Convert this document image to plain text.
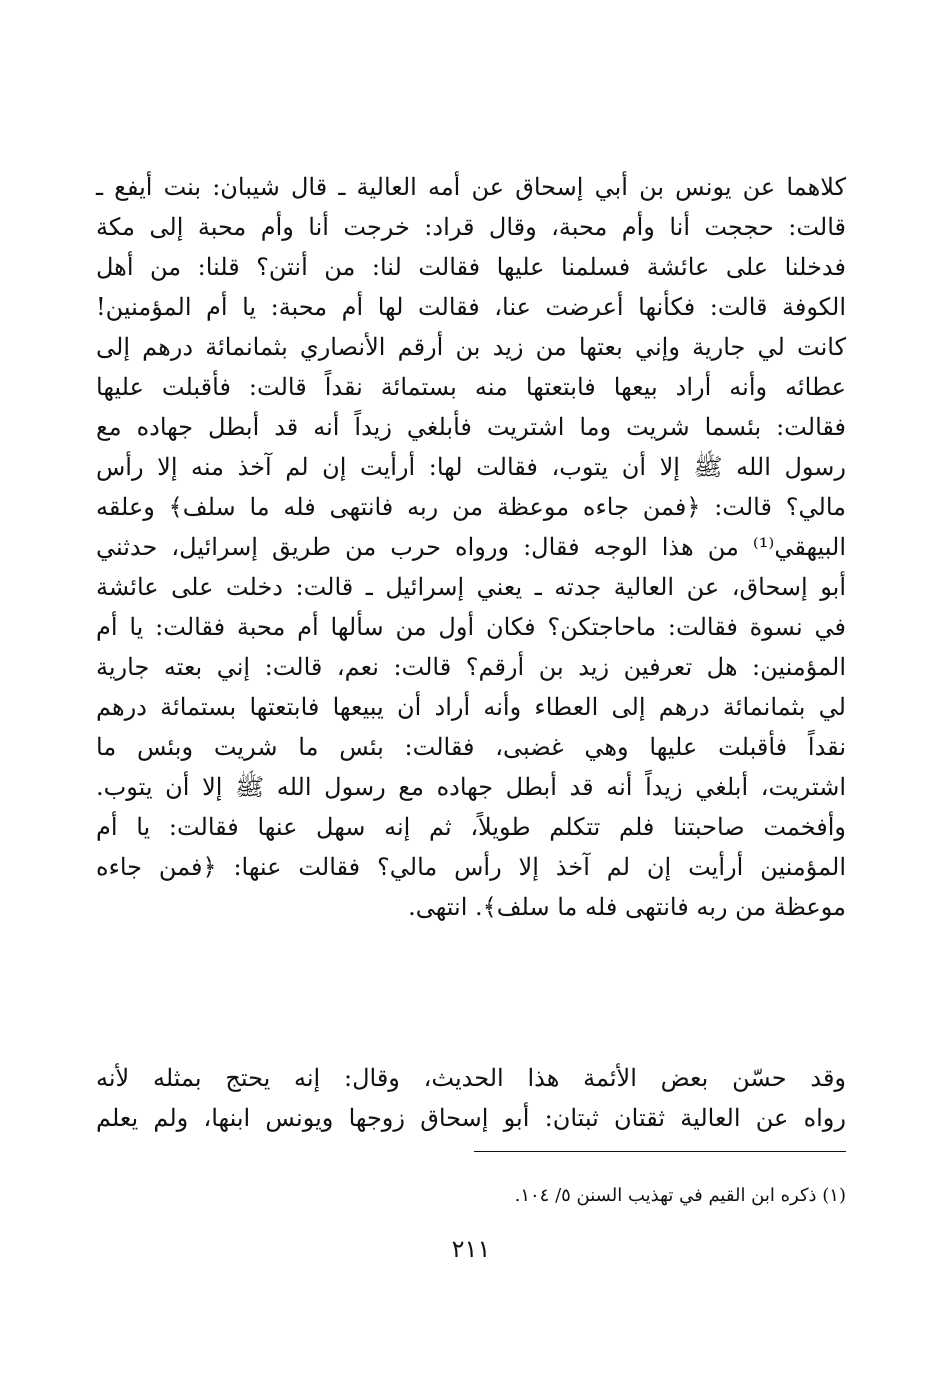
كلاهما عن يونس بن أبي إسحاق عن أمه العالية ـ قال شيبان: بنت أيفع ـ
قالت: حججت أنا وأم محبة، وقال قراد: خرجت أنا وأم محبة إلى مكة
فدخلنا على عائشة فسلمنا عليها فقالت لنا: من أنتن؟ قلنا: من أهل
الكوفة قالت: فكأنها أعرضت عنا، فقالت لها أم محبة: يا أم المؤمنين!
كانت لي جارية وإني بعتها من زيد بن أرقم الأنصاري بثمانمائة درهم إلى
عطائه وأنه أراد بيعها فابتعتها منه بستمائة نقداً قالت: فأقبلت عليها
فقالت: بئسما شريت وما اشتريت فأبلغي زيداً أنه قد أبطل جهاده مع
رسول الله ﷺ إلا أن يتوب، فقالت لها: أرأيت إن لم آخذ منه إلا رأس
مالي؟ قالت: ﴿فمن جاءه موعظة من ربه فانتهى فله ما سلف﴾ وعلقه
البيهقي⁽¹⁾ من هذا الوجه فقال: ورواه حرب من طريق إسرائيل، حدثني
أبو إسحاق، عن العالية جدته ـ يعني إسرائيل ـ قالت: دخلت على عائشة
في نسوة فقالت: ماحاجتكن؟ فكان أول من سألها أم محبة فقالت: يا أم
المؤمنين: هل تعرفين زيد بن أرقم؟ قالت: نعم، قالت: إني بعته جارية
لي بثمانمائة درهم إلى العطاء وأنه أراد أن يبيعها فابتعتها بستمائة درهم
نقداً فأقبلت عليها وهي غضبى، فقالت: بئس ما شريت وبئس ما
اشتريت، أبلغي زيداً أنه قد أبطل جهاده مع رسول الله ﷺ إلا أن يتوب.
وأفخمت صاحبتنا فلم تتكلم طويلاً، ثم إنه سهل عنها فقالت: يا أم
المؤمنين أرأيت إن لم آخذ إلا رأس مالي؟ فقالت عنها: ﴿فمن جاءه
موعظة من ربه فانتهى فله ما سلف﴾. انتهى.
وقد حسّن بعض الأئمة هذا الحديث، وقال: إنه يحتج بمثله لأنه
رواه عن العالية ثقتان ثبتان: أبو إسحاق زوجها ويونس ابنها، ولم يعلم
(١) ذكره ابن القيم في تهذيب السنن ٥/ ١٠٤.
٢١١
